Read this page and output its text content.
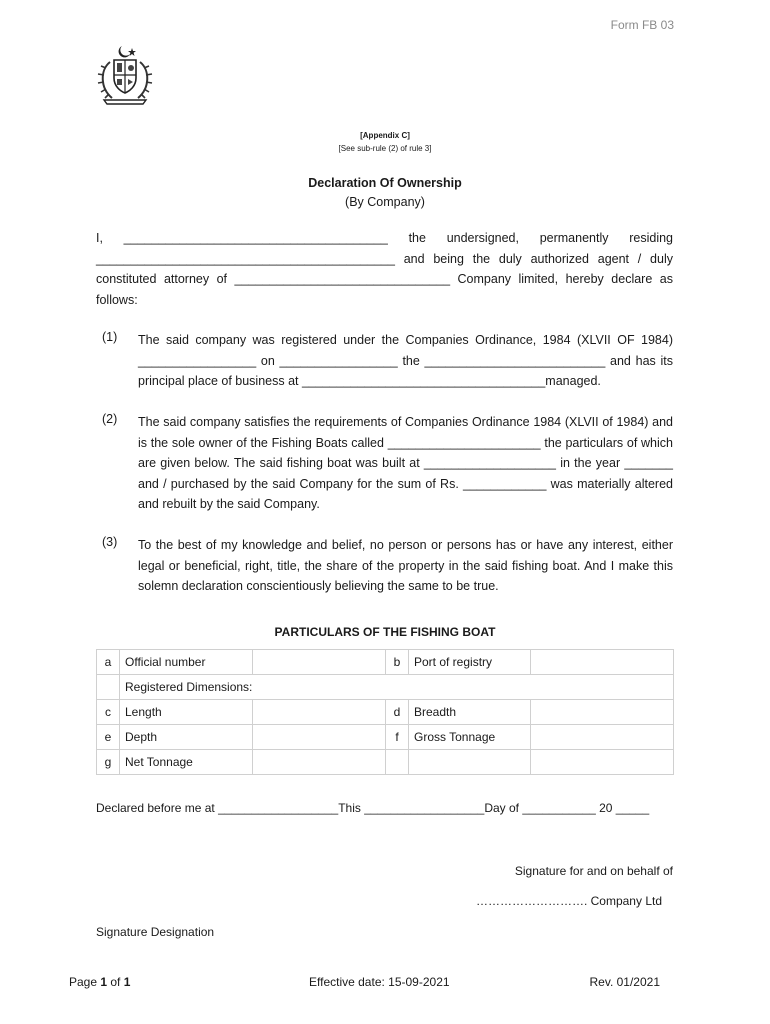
Form FB 03
[Appendix C]
[See sub-rule (2) of rule 3]
Declaration Of Ownership
(By Company)
I, ______________________________________ the undersigned, permanently residing ___________________________________________ and being the duly authorized agent / duly constituted attorney of _______________________________ Company limited, hereby declare as follows:
(1) The said company was registered under the Companies Ordinance, 1984 (XLVII OF 1984) _________________ on _________________ the __________________________ and has its principal place of business at ___________________________________managed.
(2) The said company satisfies the requirements of Companies Ordinance 1984 (XLVII of 1984) and is the sole owner of the Fishing Boats called ______________________ the particulars of which are given below. The said fishing boat was built at ___________________ in the year _______ and / purchased by the said Company for the sum of Rs. ____________ was materially altered and rebuilt by the said Company.
(3) To the best of my knowledge and belief, no person or persons has or have any interest, either legal or beneficial, right, title, the share of the property in the said fishing boat. And I make this solemn declaration conscientiously believing the same to be true.
PARTICULARS OF THE FISHING BOAT
a	Official number		b	Port of registry	
	Registered Dimensions:				
c	Length		d	Breadth	
e	Depth		f	Gross Tonnage	
g	Net Tonnage				
Declared before me at __________________This __________________Day of ___________ 20 _____
Signature for and on behalf of
………………………. Company Ltd
Signature Designation
Page 1 of 1	Effective date: 15-09-2021	Rev. 01/2021
